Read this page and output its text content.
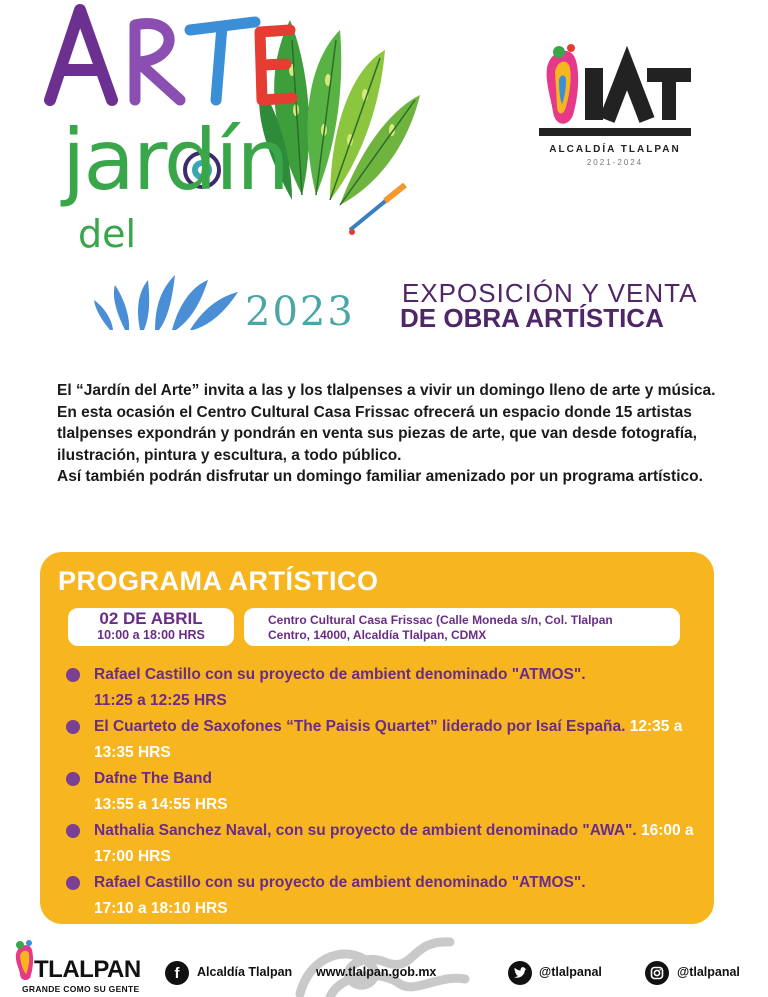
jardín
del
2023
ALCALDÍA TLALPAN
2021-2024
EXPOSICIÓN Y VENTA
DE OBRA ARTÍSTICA

El “Jardín del Arte” invita a las y los tlalpenses a vivir un domingo lleno de arte y música.

En esta ocasión el Centro Cultural Casa Frissac ofrecerá un espacio donde 15 artistas tlalpenses expondrán y pondrán en venta sus piezas de arte, que van desde fotografía, ilustración, pintura y escultura, a todo público.

Así también podrán disfrutar un domingo familiar amenizado por un programa artístico.

PROGRAMA ARTÍSTICO
02 DE ABRIL
10:00 a 18:00 HRS
Centro Cultural Casa Frissac (Calle Moneda s/n, Col. Tlalpan
Centro, 14000, Alcaldía Tlalpan, CDMX
Rafael Castillo con su proyecto de ambient denominado "ATMOS".
11:25 a 12:25 HRS
El Cuarteto de Saxofones “The Paisis Quartet” liderado por Isaí España. 12:35 a 13:35 HRS
Dafne The Band
13:55 a 14:55 HRS
Nathalia Sanchez Naval, con su proyecto de ambient denominado "AWA". 16:00 a 17:00 HRS
Rafael Castillo con su proyecto de ambient denominado "ATMOS".
17:10 a 18:10 HRS
TLALPAN
GRANDE COMO SU GENTE
f	Alcaldía Tlalpan www.tlalpan.gob.mx	@tlalpanal	@tlalpanal
